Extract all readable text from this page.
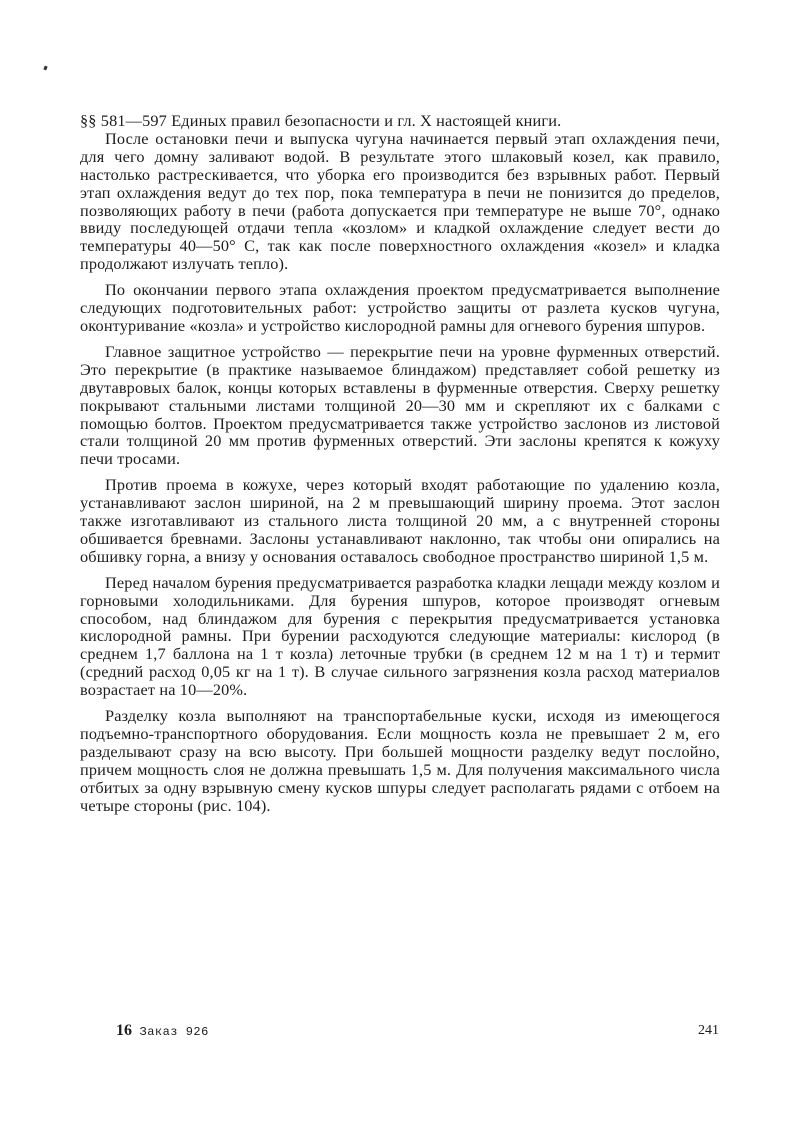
§§ 581—597 Единых правил безопасности и гл. X настоящей книги.

После остановки печи и выпуска чугуна начинается первый этап охлаждения печи, для чего домну заливают водой. В результате этого шлаковый козел, как правило, настолько растрескивается, что уборка его производится без взрывных работ. Первый этап охлаждения ведут до тех пор, пока температура в печи не понизится до пределов, позволяющих работу в печи (работа допускается при температуре не выше 70°, однако ввиду последующей отдачи тепла «козлом» и кладкой охлаждение следует вести до температуры 40—50° С, так как после поверхностного охлаждения «козел» и кладка продолжают излучать тепло).

По окончании первого этапа охлаждения проектом предусматривается выполнение следующих подготовительных работ: устройство защиты от разлета кусков чугуна, оконтуривание «козла» и устройство кислородной рамны для огневого бурения шпуров.

Главное защитное устройство — перекрытие печи на уровне фурменных отверстий. Это перекрытие (в практике называемое блиндажом) представляет собой решетку из двутавровых балок, концы которых вставлены в фурменные отверстия. Сверху решетку покрывают стальными листами толщиной 20—30 мм и скрепляют их с балками с помощью болтов. Проектом предусматривается также устройство заслонов из листовой стали толщиной 20 мм против фурменных отверстий. Эти заслоны крепятся к кожуху печи тросами.

Против проема в кожухе, через который входят работающие по удалению козла, устанавливают заслон шириной, на 2 м превышающий ширину проема. Этот заслон также изготавливают из стального листа толщиной 20 мм, а с внутренней стороны обшивается бревнами. Заслоны устанавливают наклонно, так чтобы они опирались на обшивку горна, а внизу у основания оставалось свободное пространство шириной 1,5 м.

Перед началом бурения предусматривается разработка кладки лещади между козлом и горновыми холодильниками. Для бурения шпуров, которое производят огневым способом, над блиндажом для бурения с перекрытия предусматривается установка кислородной рамны. При бурении расходуются следующие материалы: кислород (в среднем 1,7 баллона на 1 т козла) леточные трубки (в среднем 12 м на 1 т) и термит (средний расход 0,05 кг на 1 т). В случае сильного загрязнения козла расход материалов возрастает на 10—20%.

Разделку козла выполняют на транспортабельные куски, исходя из имеющегося подъемно-транспортного оборудования. Если мощность козла не превышает 2 м, его разделывают сразу на всю высоту. При большей мощности разделку ведут послойно, причем мощность слоя не должна превышать 1,5 м. Для получения максимального числа отбитых за одну взрывную смену кусков шпуры следует располагать рядами с отбоем на четыре стороны (рис. 104).

16 Заказ 926	241
